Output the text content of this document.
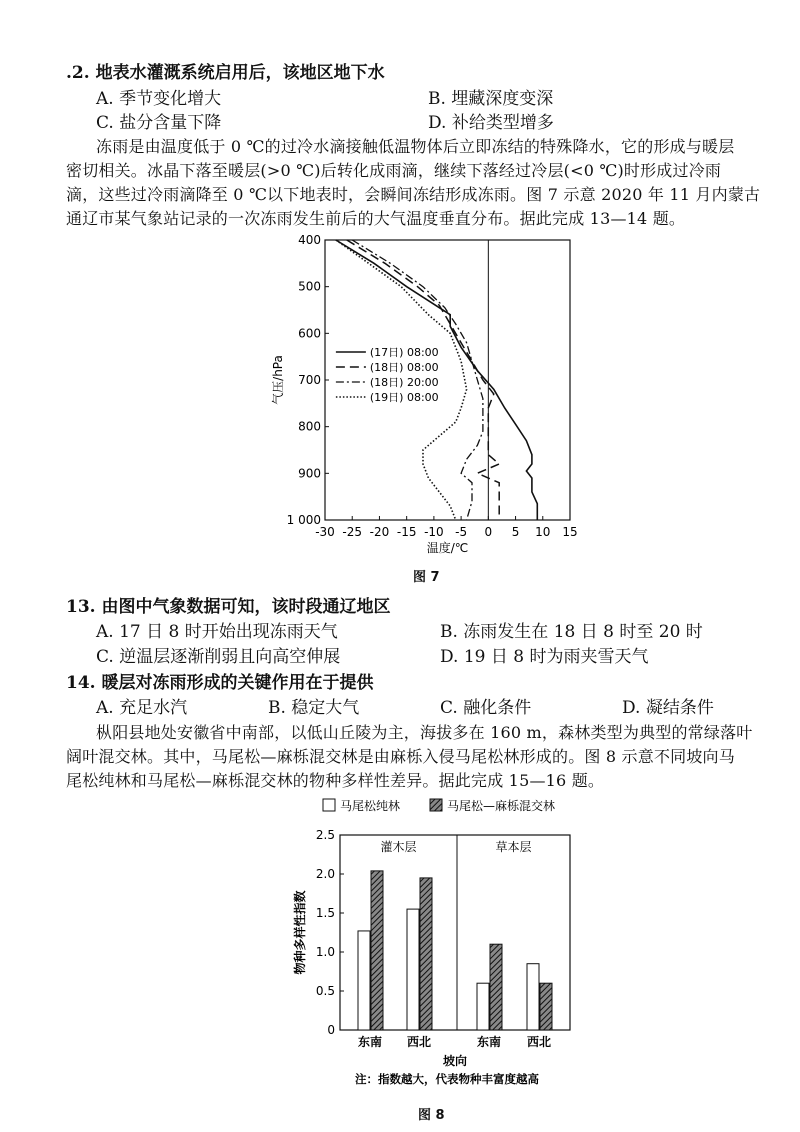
.2. 地表水灌溉系统启用后，该地区地下水
A. 季节变化增大	B. 埋藏深度变深
C. 盐分含量下降	D. 补给类型增多
冻雨是由温度低于 0 ℃的过冷水滴接触低温物体后立即冻结的特殊降水，它的形成与暖层
密切相关。冰晶下落至暖层(>0 ℃)后转化成雨滴，继续下落经过冷层(<0 ℃)时形成过冷雨
滴，这些过冷雨滴降至 0 ℃以下地表时，会瞬间冻结形成冻雨。图 7 示意 2020 年 11 月内蒙古
通辽市某气象站记录的一次冻雨发生前后的大气温度垂直分布。据此完成 13—14 题。
-30 -25 -20 -15 -10 -5 0 5 10 15
400
500
600
700
800
900
1 000
温度/℃
气压/hPa
(17日) 08:00
(18日) 08:00
(18日) 20:00
(19日) 08:00
图 7
13. 由图中气象数据可知，该时段通辽地区
A. 17 日 8 时开始出现冻雨天气	B. 冻雨发生在 18 日 8 时至 20 时
C. 逆温层逐渐削弱且向高空伸展	D. 19 日 8 时为雨夹雪天气
14. 暖层对冻雨形成的关键作用在于提供
A. 充足水汽	B. 稳定大气	C. 融化条件	D. 凝结条件
枞阳县地处安徽省中南部，以低山丘陵为主，海拔多在 160 m，森林类型为典型的常绿落叶
阔叶混交林。其中，马尾松—麻栎混交林是由麻栎入侵马尾松林形成的。图 8 示意不同坡向马
尾松纯林和马尾松—麻栎混交林的物种多样性差异。据此完成 15—16 题。
马尾松纯林	马尾松—麻栎混交林
灌木层	草本层
0
0.5
1.0
1.5
2.0
2.5
物种多样性指数
东南 西北	东南 西北
坡向
注：指数越大，代表物种丰富度越高
图 8
